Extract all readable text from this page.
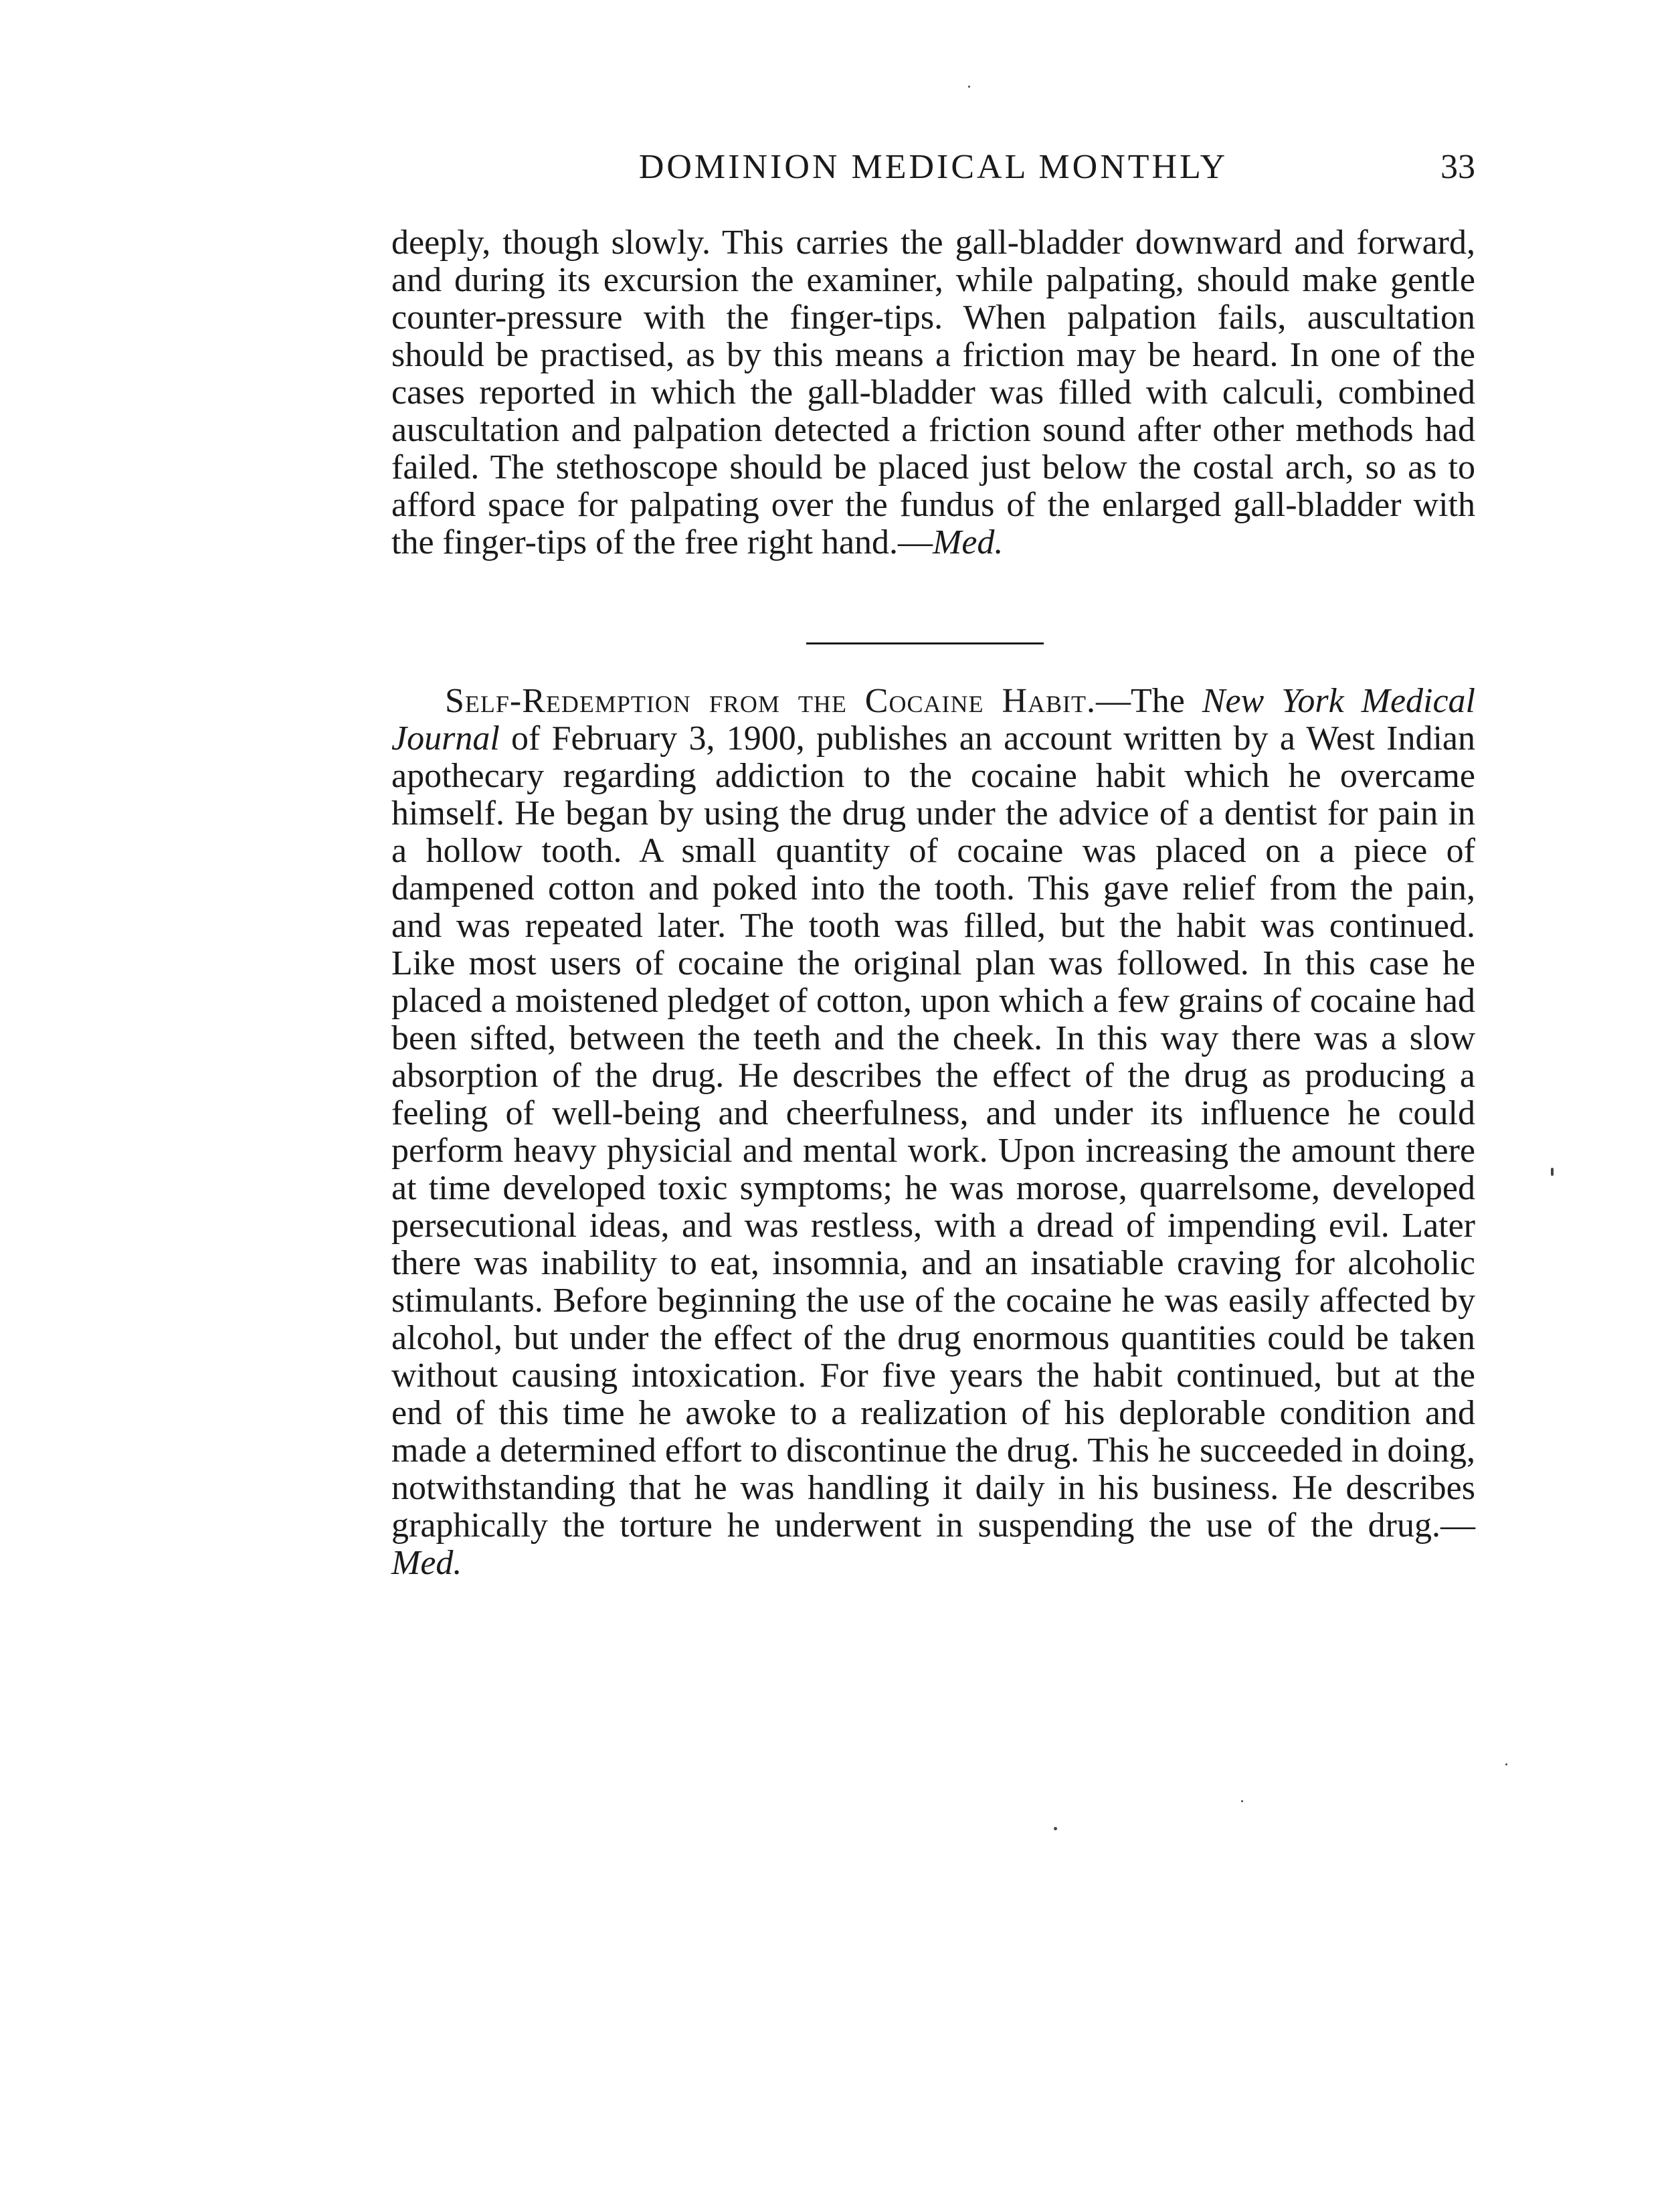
DOMINION MEDICAL MONTHLY	33

deeply, though slowly. This carries the gall-bladder downward and forward, and during its excursion the examiner, while palpating, should make gentle counter-pressure with the finger-tips. When palpation fails, auscultation should be practised, as by this means a friction may be heard. In one of the cases reported in which the gall-bladder was filled with calculi, combined auscultation and palpation detected a friction sound after other methods had failed. The stethoscope should be placed just below the costal arch, so as to afford space for palpating over the fundus of the enlarged gall-bladder with the finger-tips of the free right hand.—Med.

Self-Redemption from the Cocaine Habit.—The New York Medical Journal of February 3, 1900, publishes an account written by a West Indian apothecary regarding addiction to the cocaine habit which he overcame himself. He began by using the drug under the advice of a dentist for pain in a hollow tooth. A small quantity of cocaine was placed on a piece of dampened cotton and poked into the tooth. This gave relief from the pain, and was repeated later. The tooth was filled, but the habit was continued. Like most users of cocaine the original plan was followed. In this case he placed a moistened pledget of cotton, upon which a few grains of cocaine had been sifted, between the teeth and the cheek. In this way there was a slow absorption of the drug. He describes the effect of the drug as producing a feeling of well-being and cheerfulness, and under its influence he could perform heavy physicial and mental work. Upon increasing the amount there at time developed toxic symptoms; he was morose, quarrelsome, developed persecutional ideas, and was restless, with a dread of impending evil. Later there was inability to eat, insomnia, and an insatiable craving for alcoholic stimulants. Before beginning the use of the cocaine he was easily affected by alcohol, but under the effect of the drug enormous quantities could be taken without causing intoxication. For five years the habit continued, but at the end of this time he awoke to a realization of his deplorable condition and made a determined effort to discontinue the drug. This he succeeded in doing, notwithstanding that he was handling it daily in his business. He describes graphically the torture he underwent in suspending the use of the drug.—Med.
